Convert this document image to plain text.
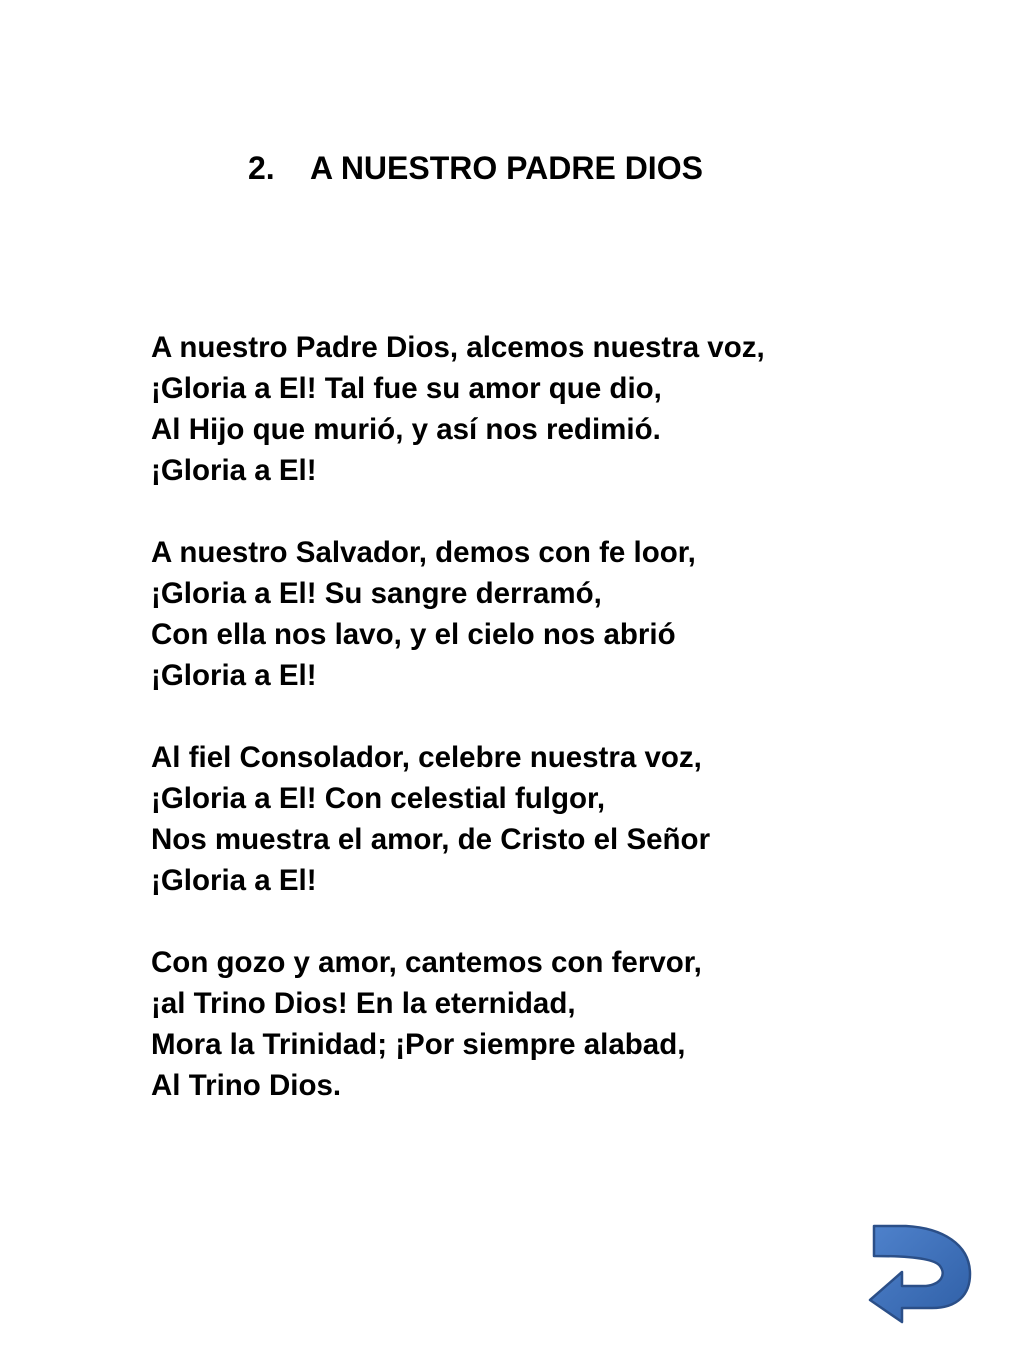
2. A NUESTRO PADRE DIOS
A nuestro Padre Dios, alcemos nuestra voz,
¡Gloria a El! Tal fue su amor que dio,
Al Hijo que murió, y así nos redimió.
¡Gloria a El!
A nuestro Salvador, demos con fe loor,
¡Gloria a El! Su sangre derramó,
Con ella nos lavo, y el cielo nos abrió
¡Gloria a El!
Al fiel Consolador, celebre nuestra voz,
¡Gloria a El! Con celestial fulgor,
Nos muestra el amor, de Cristo el Señor
¡Gloria a El!
Con gozo y amor, cantemos con fervor,
¡al Trino Dios! En la eternidad,
Mora la Trinidad; ¡Por siempre alabad,
Al Trino Dios.
